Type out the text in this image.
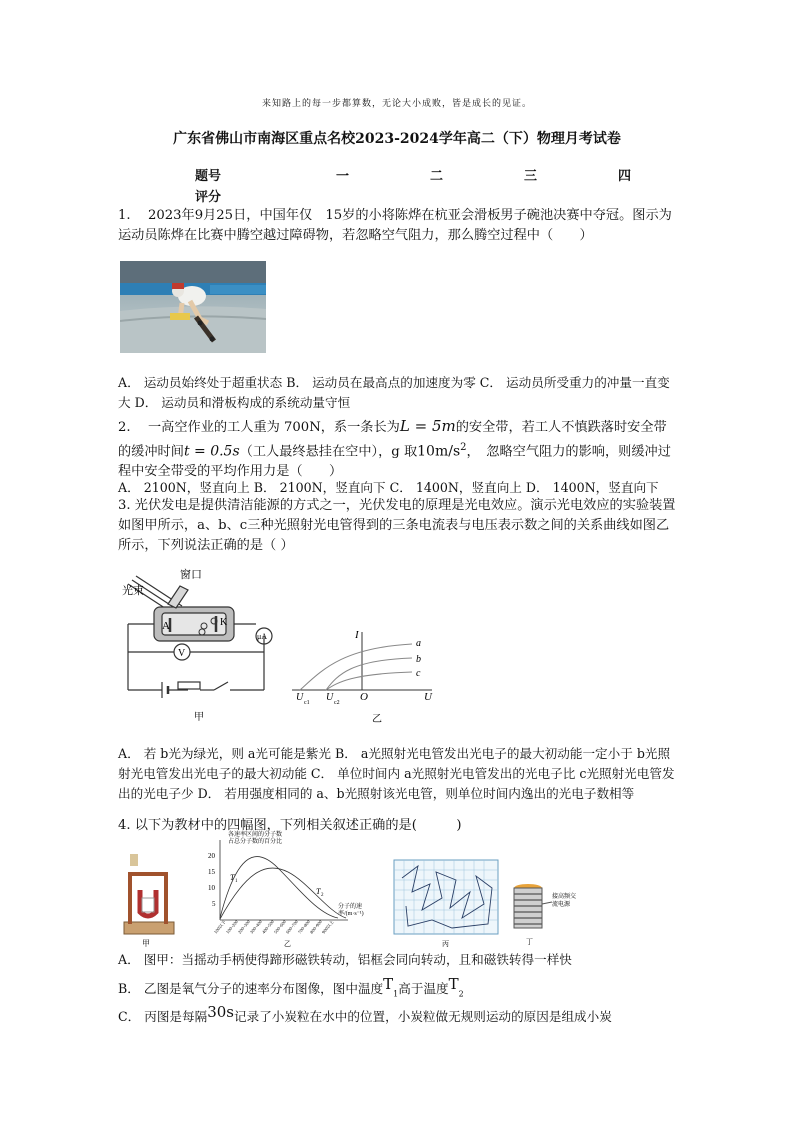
来知路上的每一步都算数，无论大小成败，皆是成长的见证。
广东省佛山市南海区重点名校2023-2024学年高二（下）物理月考试卷
题号	一	二	三	四
评分
1.　 2023年9月25日，中国年仅　15岁的小将陈烨在杭亚会滑板男子碗池决赛中夺冠。图示为运动员陈烨在比赛中腾空越过障碍物，若忽略空气阻力，那么腾空过程中（　　）
A． 运动员始终处于超重状态 B． 运动员在最高点的加速度为零 C． 运动员所受重力的冲量一直变大 D． 运动员和滑板构成的系统动量守恒
2.　 一高空作业的工人重为 700N，系一条长为L = 5m的安全带，若工人不慎跌落时安全带的缓冲时间t = 0.5s（工人最终悬挂在空中），g 取$10m/s^2$，　忽略空气阻力的影响，则缓冲过程中安全带受的平均作用力是（　　）
A． 2100N，竖直向上 B． 2100N，竖直向下 C． 1400N，竖直向上 D． 1400N，竖直向下
3. 光伏发电是提供清洁能源的方式之一，光伏发电的原理是光电效应。演示光电效应的实验装置如图甲所示，a、b、c三种光照射光电管得到的三条电流表与电压表示数之间的关系曲线如图乙所示，下列说法正确的是（ ）
窗口
光束
A	K
μA
V
甲
I
U
O
U c1 U c2
a
b
c
乙
A． 若 b光为绿光，则 a光可能是紫光 B． a光照射光电管发出光电子的最大初动能一定小于 b光照射光电管发出光电子的最大初动能 C． 单位时间内 a光照射光电管发出的光电子比 c光照射光电管发出的光电子少 D． 若用强度相同的 a、b光照射该光电管，则单位时间内逸出的光电子数相等
4. 以下为教材中的四幅图，下列相关叙述正确的是(　　　)
甲
各速率区间的分子数
占总分子数的百分比
20
15
10
5
T 1
T 2
分子的速
率/(m·s⁻¹)
100以下
100~200
200~300
300~400
400~500
500~600
600~700
700~800
800~900
900以上
乙	丙
接高频交
流电源
丁
A． 图甲：当摇动手柄使得蹄形磁铁转动，铝框会同向转动，且和磁铁转得一样快
B． 乙图是氧气分子的速率分布图像，图中温度$T_1$高于温度$T_2$
C． 丙图是每隔30s记录了小炭粒在水中的位置，小炭粒做无规则运动的原因是组成小炭
